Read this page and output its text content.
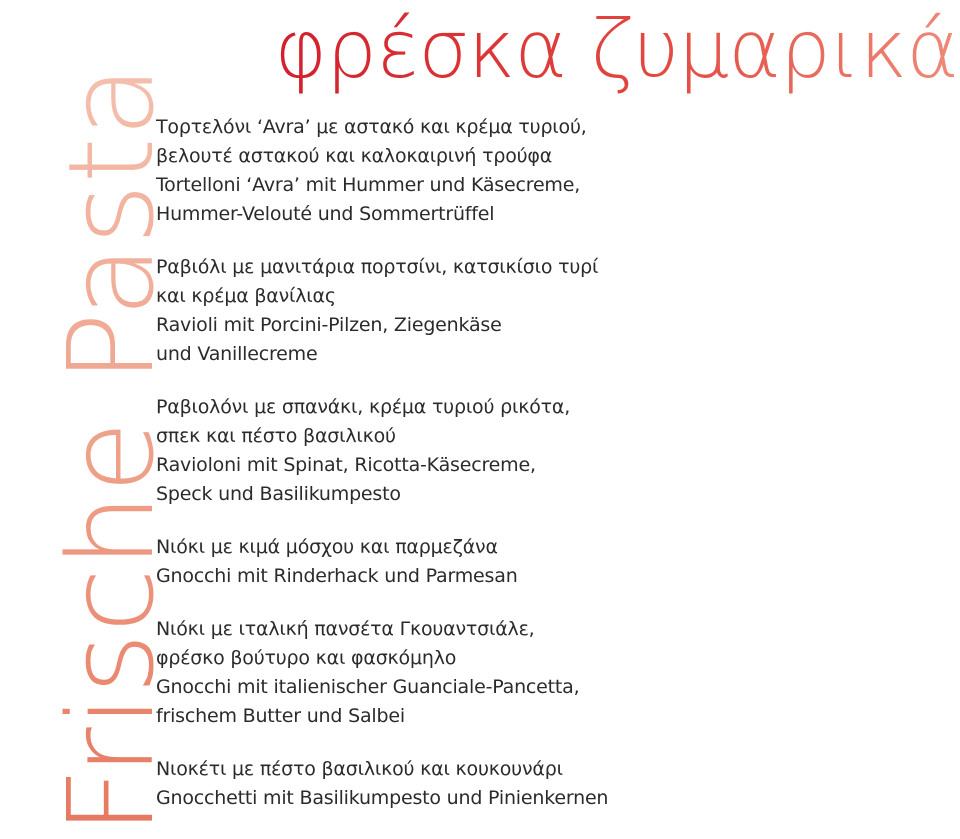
φρέσκα ζυμαρικά
Frische Pasta
Τορτελόνι ‘Avra’ με αστακό και κρέμα τυριού,
βελουτέ αστακού και καλοκαιρινή τρούφα
Tortelloni ‘Avra’ mit Hummer und Käsecreme,
Hummer-Velouté und Sommertrüffel
Ραβιόλι με μανιτάρια πορτσίνι, κατσικίσιο τυρί
και κρέμα βανίλιας
Ravioli mit Porcini-Pilzen, Ziegenkäse
und Vanillecreme
Ραβιολόνι με σπανάκι, κρέμα τυριού ρικότα,
σπεκ και πέστο βασιλικού
Ravioloni mit Spinat, Ricotta-Käsecreme,
Speck und Basilikumpesto
Νιόκι με κιμά μόσχου και παρμεζάνα
Gnocchi mit Rinderhack und Parmesan
Νιόκι με ιταλική πανσέτα Γκουαντσιάλε,
φρέσκο βούτυρο και φασκόμηλο
Gnocchi mit italienischer Guanciale-Pancetta,
frischem Butter und Salbei
Νιοκέτι με πέστο βασιλικού και κουκουνάρι
Gnocchetti mit Basilikumpesto und Pinienkernen
